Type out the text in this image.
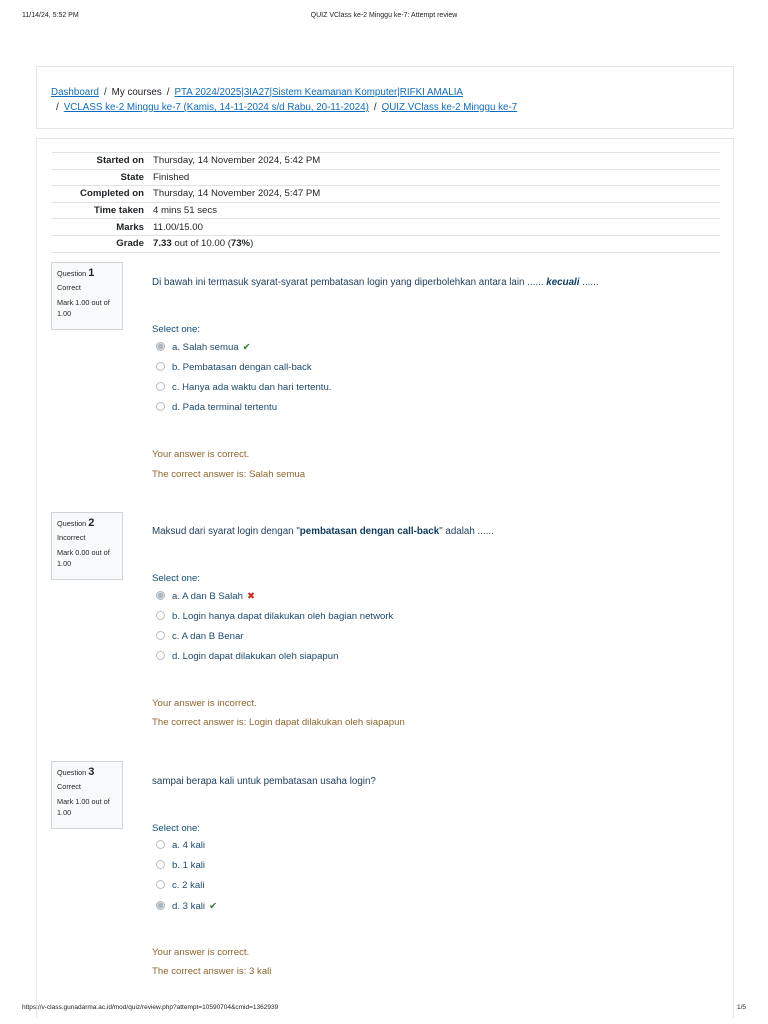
11/14/24, 5:52 PM	QUIZ VClass ke-2 Minggu ke-7: Attempt review
Dashboard / My courses / PTA 2024/2025|3IA27|Sistem Keamanan Komputer|RIFKI AMALIA
/ VCLASS ke-2 Minggu ke-7 (Kamis, 14-11-2024 s/d Rabu, 20-11-2024) / QUIZ VClass ke-2 Minggu ke-7
Started on	Thursday, 14 November 2024, 5:42 PM
State	Finished
Completed on	Thursday, 14 November 2024, 5:47 PM
Time taken	4 mins 51 secs
Marks	11.00/15.00
Grade	7.33 out of 10.00 (73%)
Question 1
Correct
Mark 1.00 out of 1.00
Di bawah ini termasuk syarat-syarat pembatasan login yang diperbolehkan antara lain ...... kecuali ......
Select one:
a. Salah semua ✔
b. Pembatasan dengan call-back
c. Hanya ada waktu dan hari tertentu.
d. Pada terminal tertentu
Your answer is correct.
The correct answer is: Salah semua
Question 2
Incorrect
Mark 0.00 out of 1.00
Maksud dari syarat login dengan "pembatasan dengan call-back" adalah ......
Select one:
a. A dan B Salah ✖
b. Login hanya dapat dilakukan oleh bagian network
c. A dan B Benar
d. Login dapat dilakukan oleh siapapun
Your answer is incorrect.
The correct answer is: Login dapat dilakukan oleh siapapun
Question 3
Correct
Mark 1.00 out of 1.00
sampai berapa kali untuk pembatasan usaha login?
Select one:
a. 4 kali
b. 1 kali
c. 2 kali
d. 3 kali ✔
Your answer is correct.
The correct answer is: 3 kali
https://v-class.gunadarma.ac.id/mod/quiz/review.php?attempt=10590704&cmid=1362939	1/5
